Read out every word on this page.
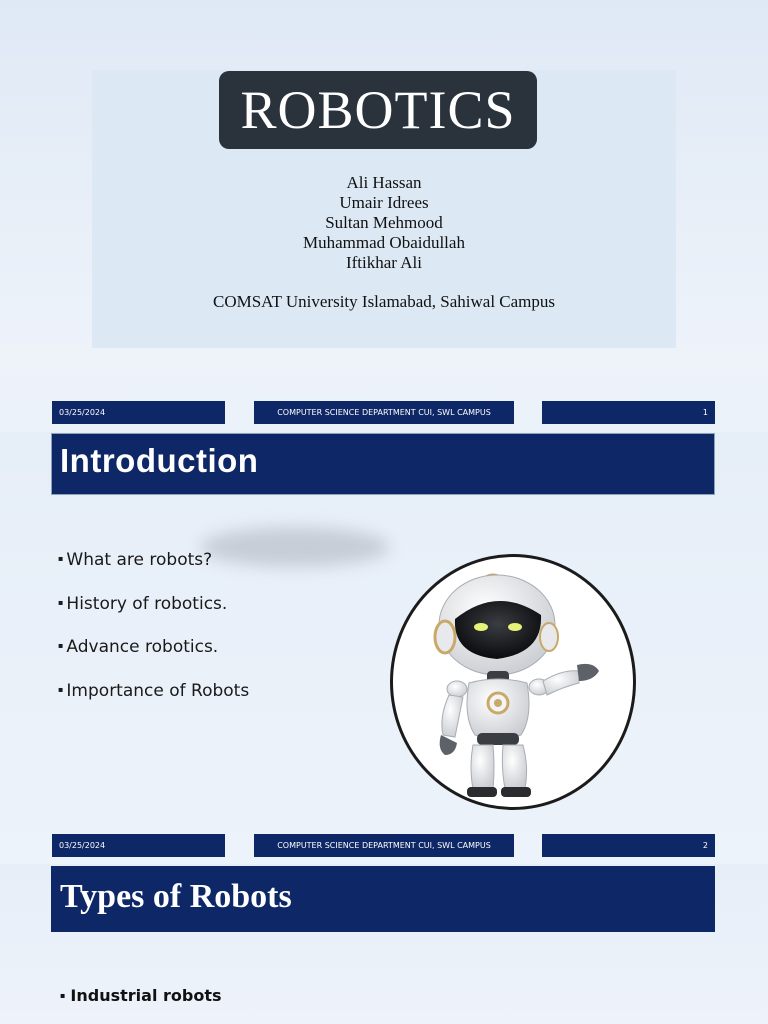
ROBOTICS
Ali Hassan
Umair Idrees
Sultan Mehmood
Muhammad Obaidullah
Iftikhar Ali
COMSAT University Islamabad, Sahiwal Campus
03/25/2024	COMPUTER SCIENCE DEPARTMENT CUI, SWL CAMPUS	1
Introduction
▪ What are robots?
▪ History of robotics.
▪ Advance robotics.
▪ Importance of Robots
03/25/2024	COMPUTER SCIENCE DEPARTMENT CUI, SWL CAMPUS	2
Types of Robots
▪ Industrial robots
